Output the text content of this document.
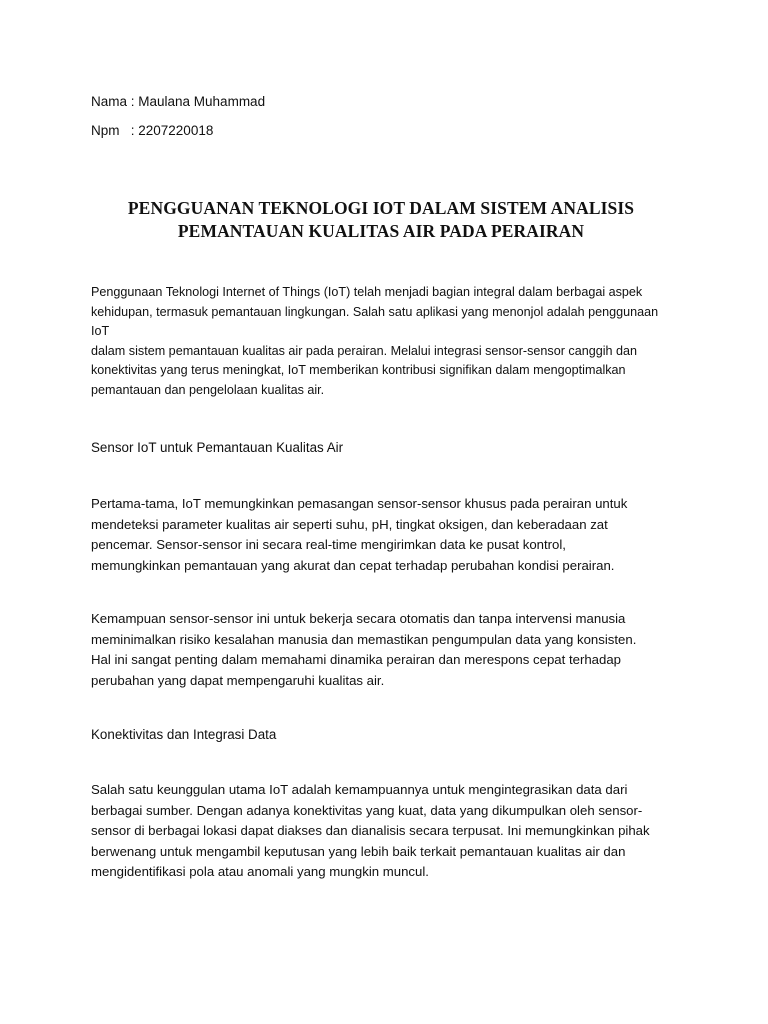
Nama : Maulana Muhammad
Npm   : 2207220018
PENGGUANAN TEKNOLOGI IOT DALAM SISTEM ANALISIS
PEMANTAUAN KUALITAS AIR PADA PERAIRAN
Penggunaan Teknologi Internet of Things (IoT) telah menjadi bagian integral dalam berbagai aspek
kehidupan, termasuk pemantauan lingkungan. Salah satu aplikasi yang menonjol adalah penggunaan IoT
dalam sistem pemantauan kualitas air pada perairan. Melalui integrasi sensor-sensor canggih dan
konektivitas yang terus meningkat, IoT memberikan kontribusi signifikan dalam mengoptimalkan
pemantauan dan pengelolaan kualitas air.
Sensor IoT untuk Pemantauan Kualitas Air
Pertama-tama, IoT memungkinkan pemasangan sensor-sensor khusus pada perairan untuk
mendeteksi parameter kualitas air seperti suhu, pH, tingkat oksigen, dan keberadaan zat
pencemar. Sensor-sensor ini secara real-time mengirimkan data ke pusat kontrol,
memungkinkan pemantauan yang akurat dan cepat terhadap perubahan kondisi perairan.
Kemampuan sensor-sensor ini untuk bekerja secara otomatis dan tanpa intervensi manusia
meminimalkan risiko kesalahan manusia dan memastikan pengumpulan data yang konsisten.
Hal ini sangat penting dalam memahami dinamika perairan dan merespons cepat terhadap
perubahan yang dapat mempengaruhi kualitas air.
Konektivitas dan Integrasi Data
Salah satu keunggulan utama IoT adalah kemampuannya untuk mengintegrasikan data dari
berbagai sumber. Dengan adanya konektivitas yang kuat, data yang dikumpulkan oleh sensor-
sensor di berbagai lokasi dapat diakses dan dianalisis secara terpusat. Ini memungkinkan pihak
berwenang untuk mengambil keputusan yang lebih baik terkait pemantauan kualitas air dan
mengidentifikasi pola atau anomali yang mungkin muncul.
